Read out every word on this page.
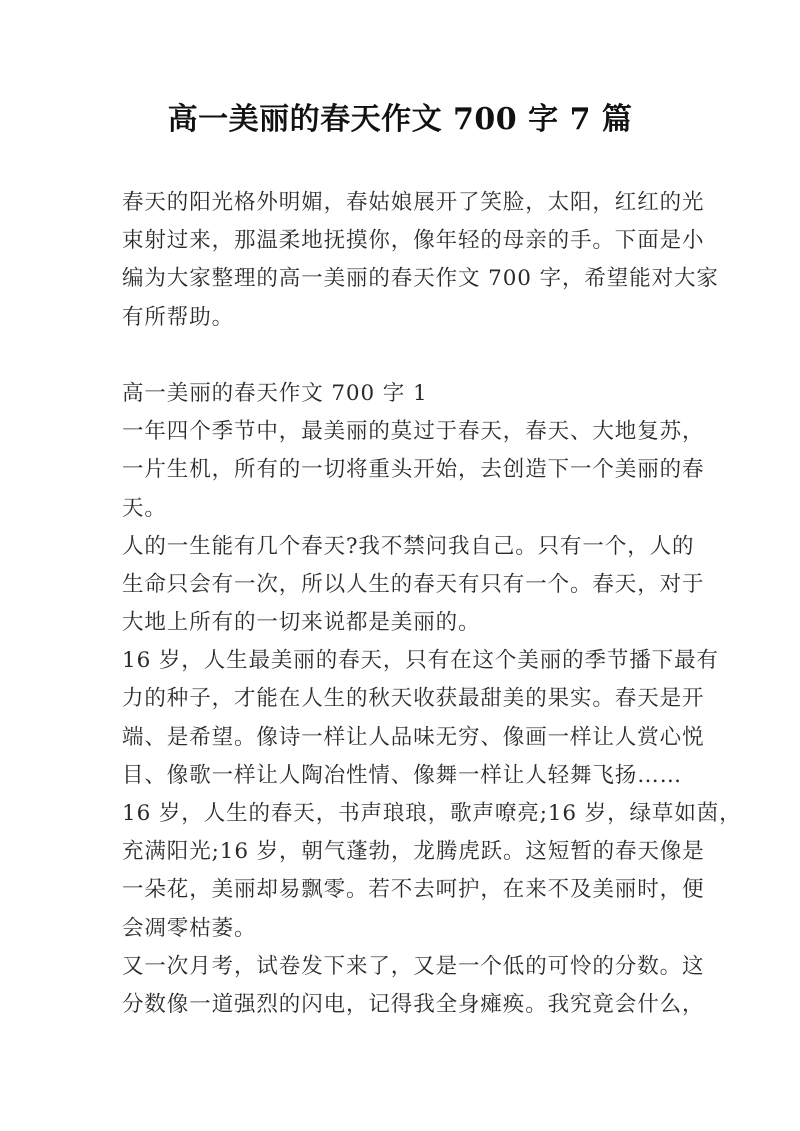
高一美丽的春天作文 700 字 7 篇
春天的阳光格外明媚，春姑娘展开了笑脸，太阳，红红的光
束射过来，那温柔地抚摸你，像年轻的母亲的手。下面是小
编为大家整理的高一美丽的春天作文 700 字，希望能对大家
有所帮助。
高一美丽的春天作文 700 字 1
一年四个季节中，最美丽的莫过于春天，春天、大地复苏，
一片生机，所有的一切将重头开始，去创造下一个美丽的春
天。
人的一生能有几个春天?我不禁问我自己。只有一个，人的
生命只会有一次，所以人生的春天有只有一个。春天，对于
大地上所有的一切来说都是美丽的。
16 岁，人生最美丽的春天，只有在这个美丽的季节播下最有
力的种子，才能在人生的秋天收获最甜美的果实。春天是开
端、是希望。像诗一样让人品味无穷、像画一样让人赏心悦
目、像歌一样让人陶冶性情、像舞一样让人轻舞飞扬……
16 岁，人生的春天，书声琅琅，歌声嘹亮;16 岁，绿草如茵，
充满阳光;16 岁，朝气蓬勃，龙腾虎跃。这短暂的春天像是
一朵花，美丽却易飘零。若不去呵护，在来不及美丽时，便
会凋零枯萎。
又一次月考，试卷发下来了，又是一个低的可怜的分数。这
分数像一道强烈的闪电，记得我全身瘫痪。我究竟会什么，
